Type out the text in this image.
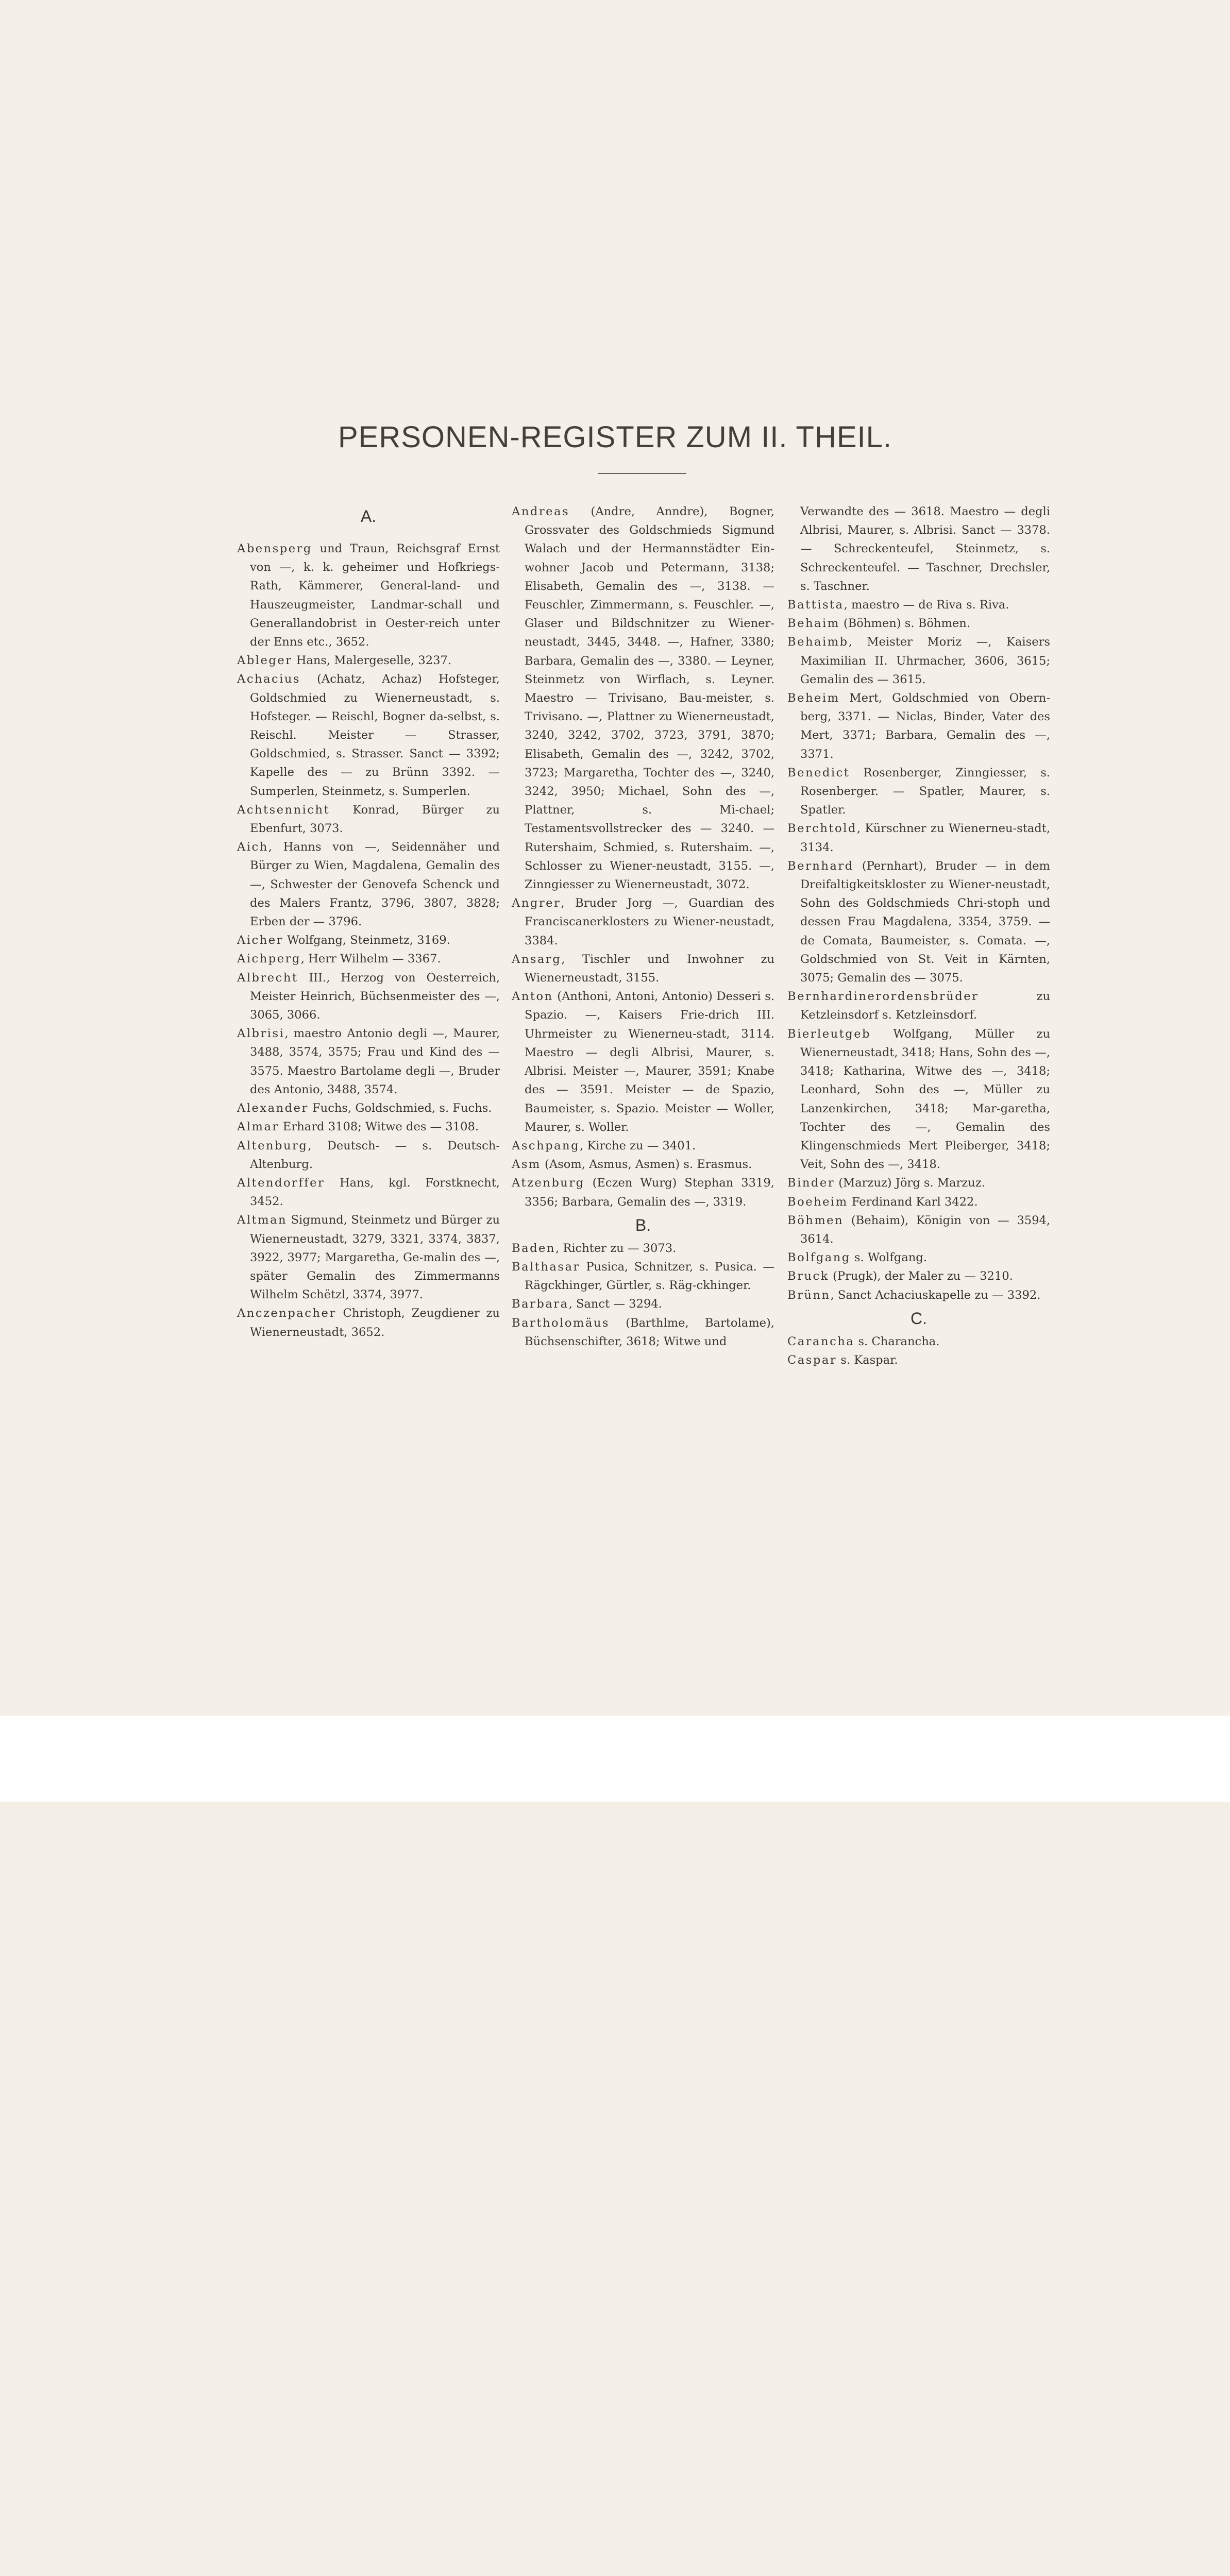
PERSONEN-REGISTER ZUM II. THEIL.

A.

Abensperg und Traun, Reichsgraf Ernst von —, k. k. geheimer und Hofkriegs-Rath, Kämmerer, General-land- und Hauszeugmeister, Landmar-schall und Generallandobrist in Oester-reich unter der Enns etc., 3652.

Ableger Hans, Malergeselle, 3237.

Achacius (Achatz, Achaz) Hofsteger, Goldschmied zu Wienerneustadt, s. Hofsteger. — Reischl, Bogner da-selbst, s. Reischl. Meister — Strasser, Goldschmied, s. Strasser. Sanct — 3392; Kapelle des — zu Brünn 3392. — Sumperlen, Steinmetz, s. Sumperlen.

Achtsennicht Konrad, Bürger zu Ebenfurt, 3073.

Aich, Hanns von —, Seidennäher und Bürger zu Wien, Magdalena, Gemalin des —, Schwester der Genovefa Schenck und des Malers Frantz, 3796, 3807, 3828; Erben der — 3796.

Aicher Wolfgang, Steinmetz, 3169.

Aichperg, Herr Wilhelm — 3367.

Albrecht III., Herzog von Oesterreich, Meister Heinrich, Büchsenmeister des —, 3065, 3066.

Albrisi, maestro Antonio degli —, Maurer, 3488, 3574, 3575; Frau und Kind des — 3575. Maestro Bartolame degli —, Bruder des Antonio, 3488, 3574.

Alexander Fuchs, Goldschmied, s. Fuchs.

Almar Erhard 3108; Witwe des — 3108.

Altenburg, Deutsch- — s. Deutsch-Altenburg.

Altendorffer Hans, kgl. Forstknecht, 3452.

Altman Sigmund, Steinmetz und Bürger zu Wienerneustadt, 3279, 3321, 3374, 3837, 3922, 3977; Margaretha, Ge-malin des —, später Gemalin des Zimmermanns Wilhelm Schëtzl, 3374, 3977.

Anczenpacher Christoph, Zeugdiener zu Wienerneustadt, 3652.

Andreas (Andre, Anndre), Bogner, Grossvater des Goldschmieds Sigmund Walach und der Hermannstädter Ein-wohner Jacob und Petermann, 3138; Elisabeth, Gemalin des —, 3138. — Feuschler, Zimmermann, s. Feuschler. —, Glaser und Bildschnitzer zu Wiener-neustadt, 3445, 3448. —, Hafner, 3380; Barbara, Gemalin des —, 3380. — Leyner, Steinmetz von Wirflach, s. Leyner. Maestro — Trivisano, Bau-meister, s. Trivisano. —, Plattner zu Wienerneustadt, 3240, 3242, 3702, 3723, 3791, 3870; Elisabeth, Gemalin des —, 3242, 3702, 3723; Margaretha, Tochter des —, 3240, 3242, 3950; Michael, Sohn des —, Plattner, s. Mi-chael; Testamentsvollstrecker des — 3240. — Rutershaim, Schmied, s. Rutershaim. —, Schlosser zu Wiener-neustadt, 3155. —, Zinngiesser zu Wienerneustadt, 3072.

Angrer, Bruder Jorg —, Guardian des Franciscanerklosters zu Wiener-neustadt, 3384.

Ansarg, Tischler und Inwohner zu Wienerneustadt, 3155.

Anton (Anthoni, Antoni, Antonio) Desseri s. Spazio. —, Kaisers Frie-drich III. Uhrmeister zu Wienerneu-stadt, 3114. Maestro — degli Albrisi, Maurer, s. Albrisi. Meister —, Maurer, 3591; Knabe des — 3591. Meister — de Spazio, Baumeister, s. Spazio. Meister — Woller, Maurer, s. Woller.

Aschpang, Kirche zu — 3401.

Asm (Asom, Asmus, Asmen) s. Erasmus.

Atzenburg (Eczen Wurg) Stephan 3319, 3356; Barbara, Gemalin des —, 3319.

B.

Baden, Richter zu — 3073.

Balthasar Pusica, Schnitzer, s. Pusica. — Rägckhinger, Gürtler, s. Räg-ckhinger.

Barbara, Sanct — 3294.

Bartholomäus (Barthlme, Bartolame), Büchsenschifter, 3618; Witwe und

Verwandte des — 3618. Maestro — degli Albrisi, Maurer, s. Albrisi. Sanct — 3378. — Schreckenteufel, Steinmetz, s. Schreckenteufel. — Taschner, Drechsler, s. Taschner.

Battista, maestro — de Riva s. Riva.

Behaim (Böhmen) s. Böhmen.

Behaimb, Meister Moriz —, Kaisers Maximilian II. Uhrmacher, 3606, 3615; Gemalin des — 3615.

Beheim Mert, Goldschmied von Obern-berg, 3371. — Niclas, Binder, Vater des Mert, 3371; Barbara, Gemalin des —, 3371.

Benedict Rosenberger, Zinngiesser, s. Rosenberger. — Spatler, Maurer, s. Spatler.

Berchtold, Kürschner zu Wienerneu-stadt, 3134.

Bernhard (Pernhart), Bruder — in dem Dreifaltigkeitskloster zu Wiener-neustadt, Sohn des Goldschmieds Chri-stoph und dessen Frau Magdalena, 3354, 3759. — de Comata, Baumeister, s. Comata. —, Goldschmied von St. Veit in Kärnten, 3075; Gemalin des — 3075.

Bernhardinerordensbrüder zu Ketzleinsdorf s. Ketzleinsdorf.

Bierleutgeb Wolfgang, Müller zu Wienerneustadt, 3418; Hans, Sohn des —, 3418; Katharina, Witwe des —, 3418; Leonhard, Sohn des —, Müller zu Lanzenkirchen, 3418; Mar-garetha, Tochter des —, Gemalin des Klingenschmieds Mert Pleiberger, 3418; Veit, Sohn des —, 3418.

Binder (Marzuz) Jörg s. Marzuz.

Boeheim Ferdinand Karl 3422.

Böhmen (Behaim), Königin von — 3594, 3614.

Bolfgang s. Wolfgang.

Bruck (Prugk), der Maler zu — 3210.

Brünn, Sanct Achaciuskapelle zu — 3392.

C.

Carancha s. Charancha.

Caspar s. Kaspar.
